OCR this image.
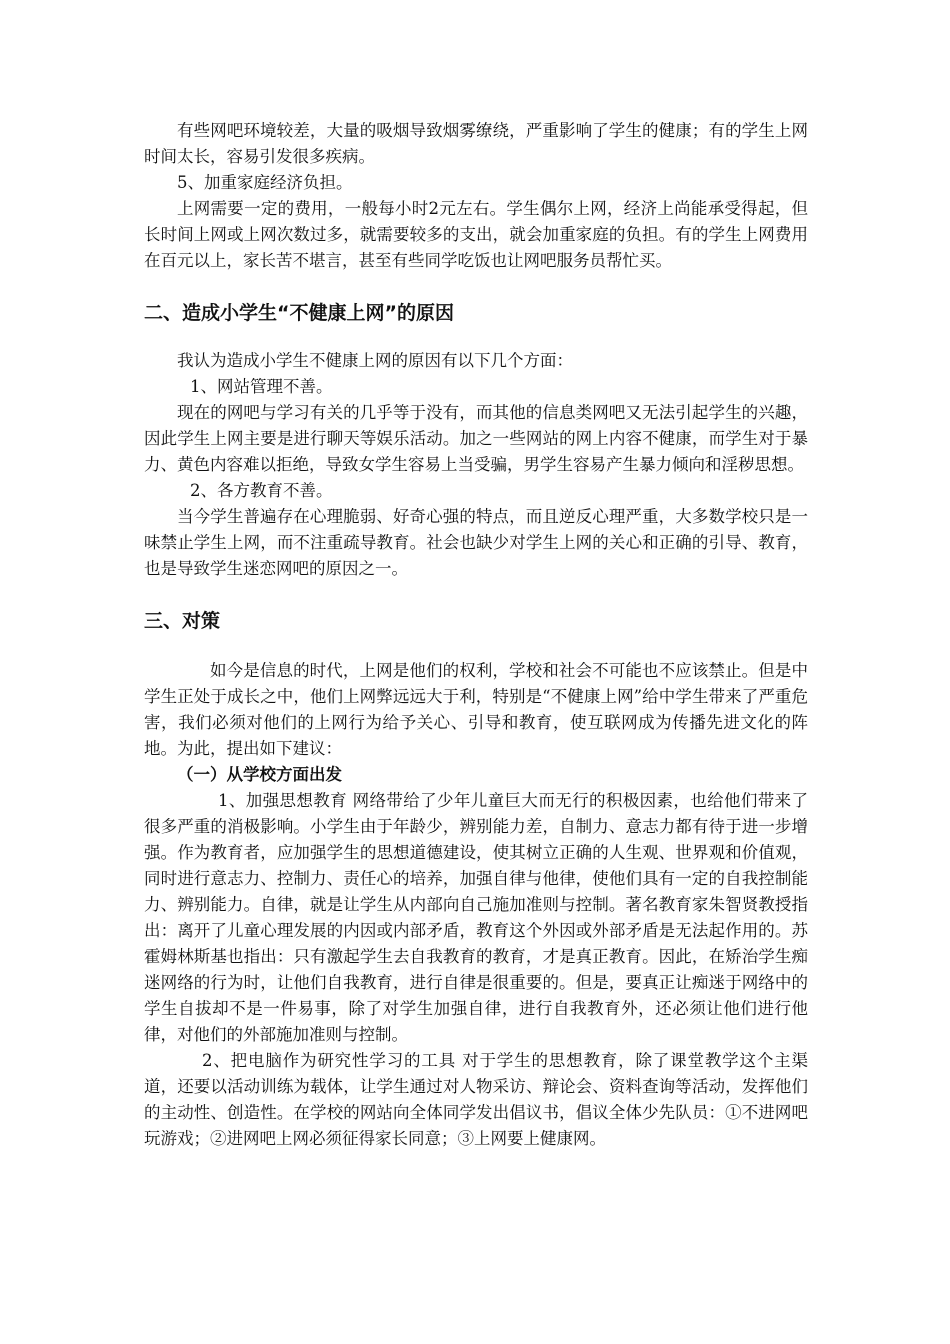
有些网吧环境较差，大量的吸烟导致烟雾缭绕，严重影响了学生的健康；有的学生上网时间太长，容易引发很多疾病。

5、加重家庭经济负担。

上网需要一定的费用，一般每小时2元左右。学生偶尔上网，经济上尚能承受得起，但长时间上网或上网次数过多，就需要较多的支出，就会加重家庭的负担。有的学生上网费用在百元以上，家长苦不堪言，甚至有些同学吃饭也让网吧服务员帮忙买。

二、造成小学生“不健康上网”的原因

我认为造成小学生不健康上网的原因有以下几个方面：

1、网站管理不善。

现在的网吧与学习有关的几乎等于没有，而其他的信息类网吧又无法引起学生的兴趣，因此学生上网主要是进行聊天等娱乐活动。加之一些网站的网上内容不健康，而学生对于暴力、黄色内容难以拒绝，导致女学生容易上当受骗，男学生容易产生暴力倾向和淫秽思想。

2、各方教育不善。

当今学生普遍存在心理脆弱、好奇心强的特点，而且逆反心理严重，大多数学校只是一味禁止学生上网，而不注重疏导教育。社会也缺少对学生上网的关心和正确的引导、教育，也是导致学生迷恋网吧的原因之一。

三、对策

如今是信息的时代，上网是他们的权利，学校和社会不可能也不应该禁止。但是中学生正处于成长之中，他们上网弊远远大于利，特别是“不健康上网”给中学生带来了严重危害，我们必须对他们的上网行为给予关心、引导和教育，使互联网成为传播先进文化的阵地。为此，提出如下建议：

（一）从学校方面出发

1、加强思想教育 网络带给了少年儿童巨大而无行的积极因素，也给他们带来了很多严重的消极影响。小学生由于年龄少，辨别能力差，自制力、意志力都有待于进一步增强。作为教育者，应加强学生的思想道德建设，使其树立正确的人生观、世界观和价值观，同时进行意志力、控制力、责任心的培养，加强自律与他律，使他们具有一定的自我控制能力、辨别能力。自律，就是让学生从内部向自己施加准则与控制。著名教育家朱智贤教授指出：离开了儿童心理发展的内因或内部矛盾，教育这个外因或外部矛盾是无法起作用的。苏霍姆林斯基也指出：只有激起学生去自我教育的教育，才是真正教育。因此，在矫治学生痴迷网络的行为时，让他们自我教育，进行自律是很重要的。但是，要真正让痴迷于网络中的学生自拔却不是一件易事，除了对学生加强自律，进行自我教育外，还必须让他们进行他律，对他们的外部施加准则与控制。

2、把电脑作为研究性学习的工具 对于学生的思想教育，除了课堂教学这个主渠道，还要以活动训练为载体，让学生通过对人物采访、辩论会、资料查询等活动，发挥他们的主动性、创造性。在学校的网站向全体同学发出倡议书，倡议全体少先队员：①不进网吧玩游戏；②进网吧上网必须征得家长同意；③上网要上健康网。
